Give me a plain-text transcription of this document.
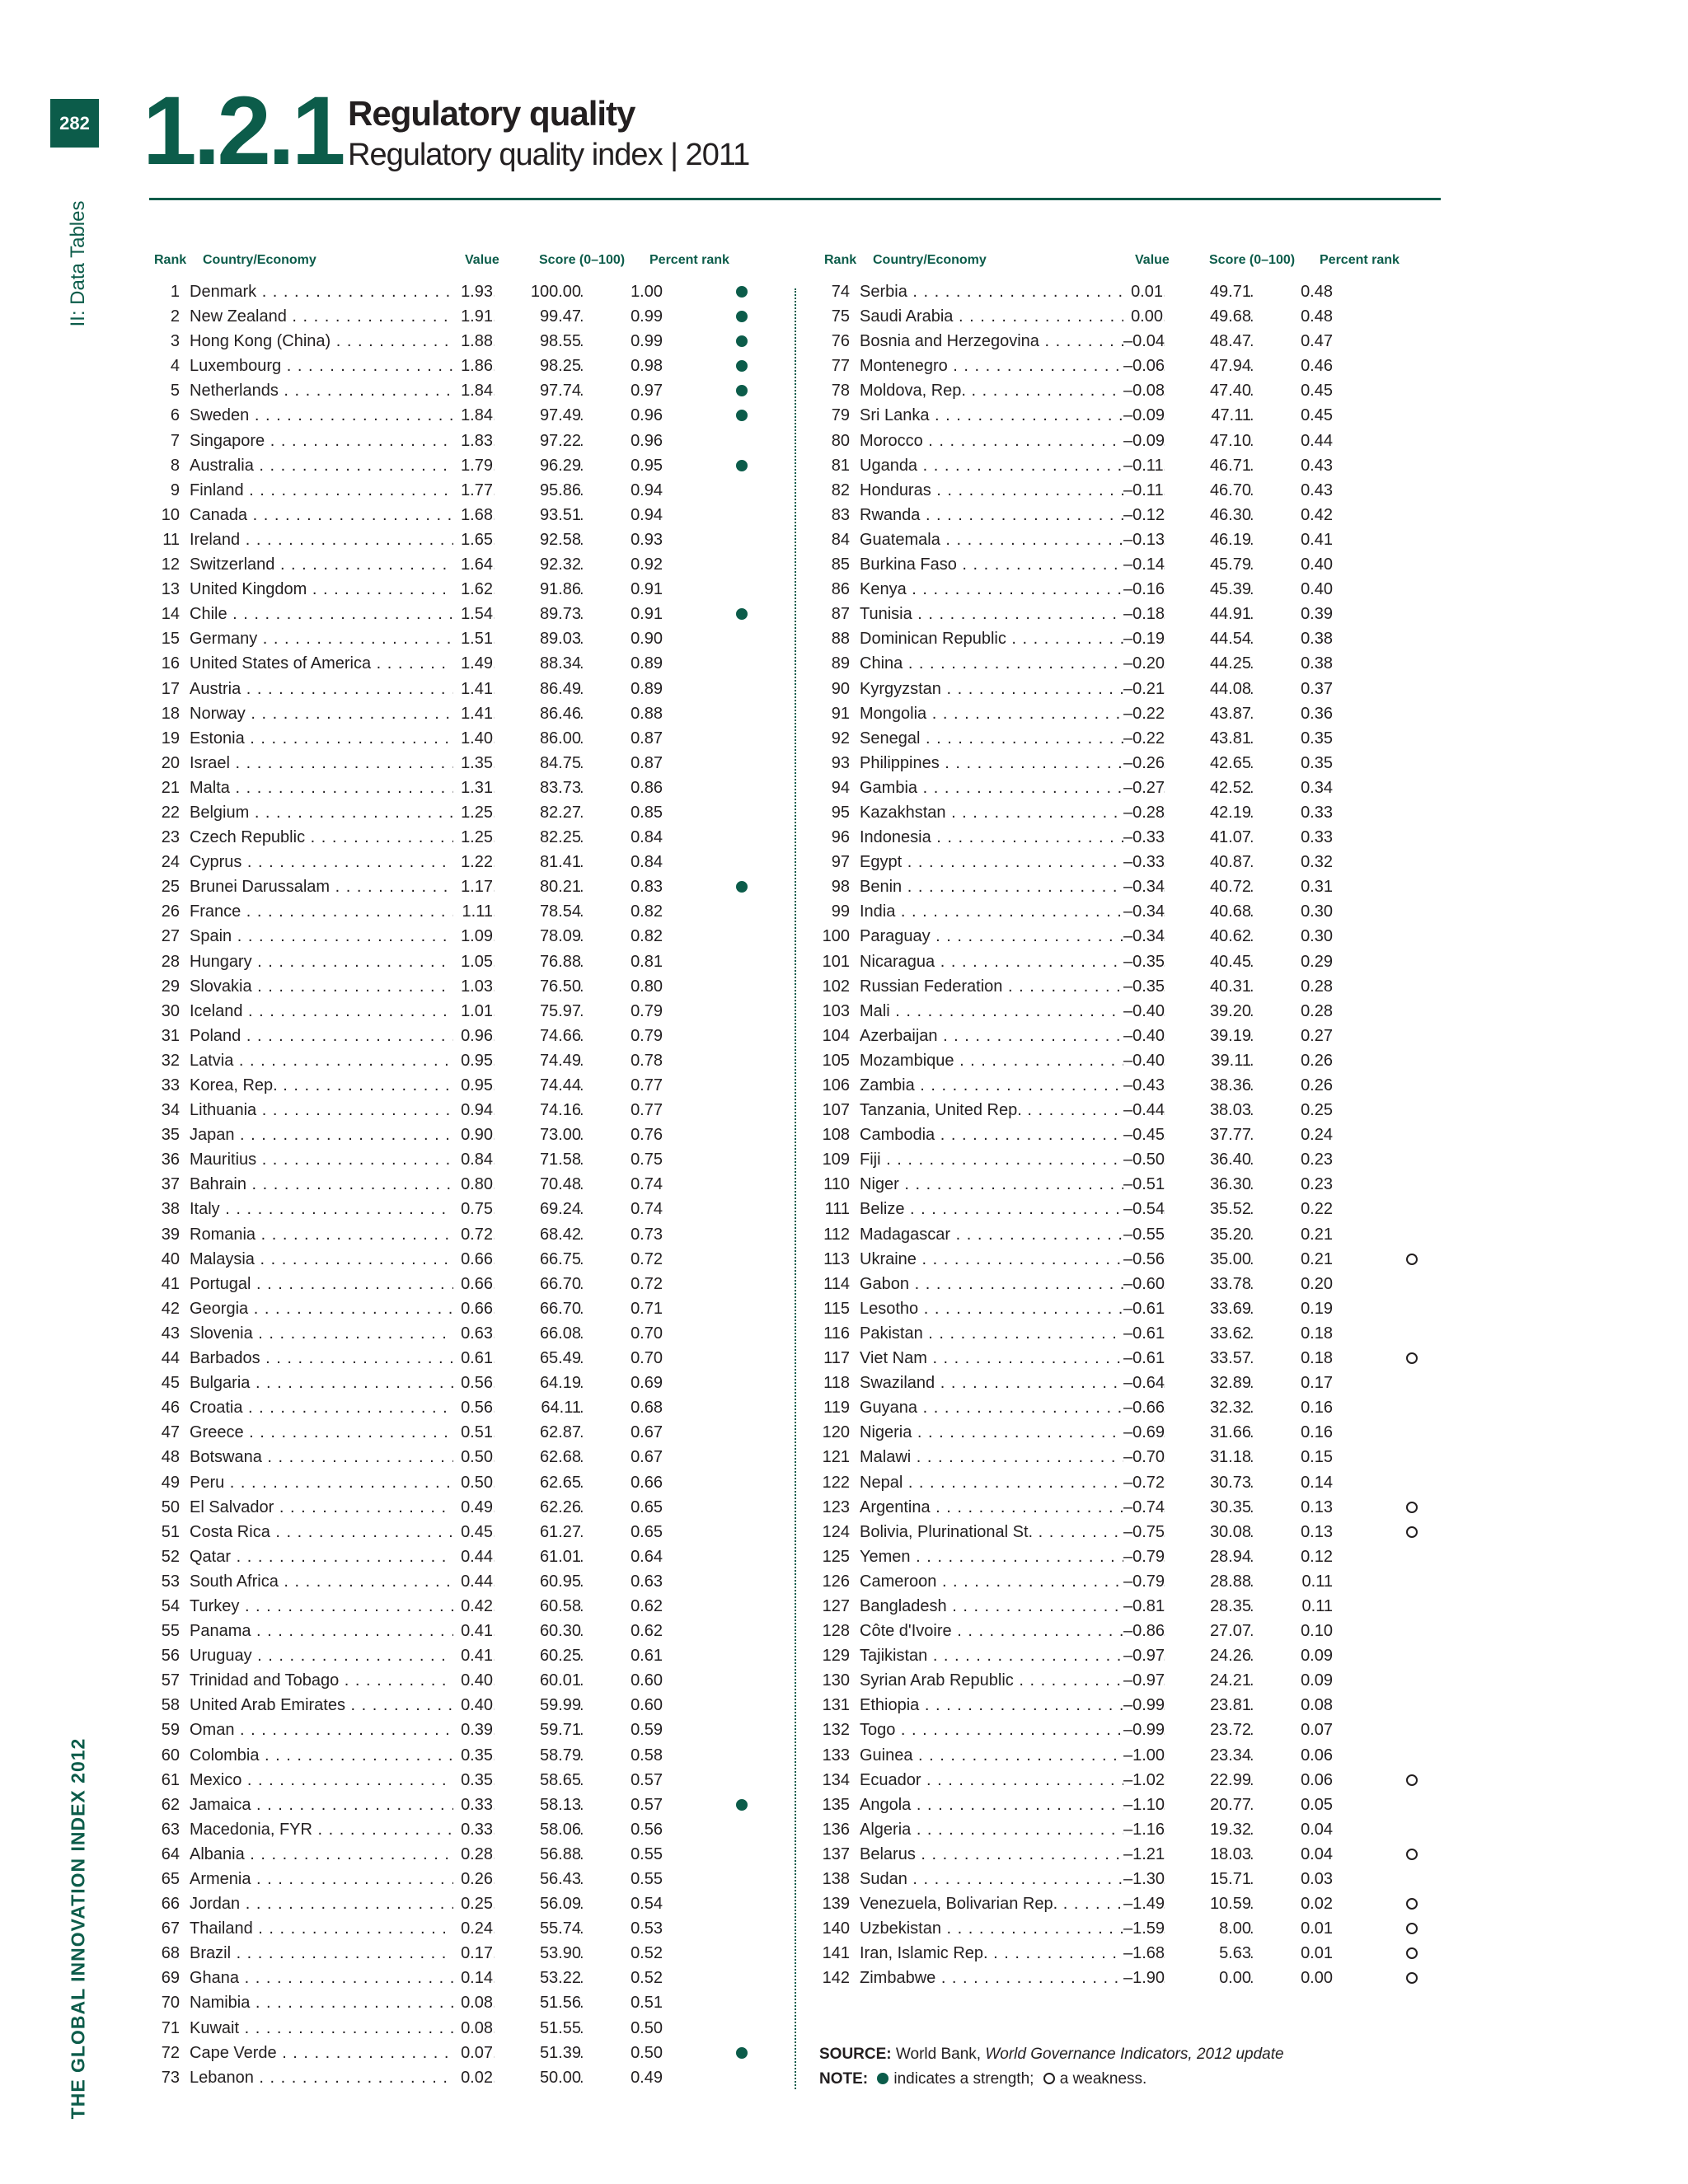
282
II: Data Tables
THE GLOBAL INNOVATION INDEX 2012
1.2.1 Regulatory quality
Regulatory quality index | 2011
Rank Country/Economy	Value	Score (0–100) Percent rank	Rank Country/Economy	Value	Score (0–100) Percent rank
1 Denmark . . . . . .	1.93	100.00	1.00
2 New Zealand . . . . . .	1.91	99.47	0.99
3 Hong Kong (China) . . . . . .	1.88	98.55	0.99
4 Luxembourg . . . . . .	1.86	98.25	0.98
5 Netherlands . . . . . .	1.84	97.74	0.97
6 Sweden . . . . . .	1.84	97.49	0.96
7 Singapore . . . . . .	1.83	97.22	0.96
8 Australia . . . . . .	1.79	96.29	0.95
9 Finland . . . . . .	1.77	95.86	0.94
10 Canada . . . . . .	1.68	93.51	0.94
11 Ireland . . . . . .	1.65	92.58	0.93
12 Switzerland . . . . . .	1.64	92.32	0.92
13 United Kingdom . . . . . .	1.62	91.86	0.91
14 Chile . . . . . .	1.54	89.73	0.91
15 Germany . . . . . .	1.51	89.03	0.90
16 United States of America . . . . . .	1.49	88.34	0.89
17 Austria . . . . . .	1.41	86.49	0.89
18 Norway . . . . . .	1.41	86.46	0.88
19 Estonia . . . . . .	1.40	86.00	0.87
20 Israel . . . . . .	1.35	84.75	0.87
21 Malta . . . . . .	1.31	83.73	0.86
22 Belgium . . . . . .	1.25	82.27	0.85
23 Czech Republic . . . . . .	1.25	82.25	0.84
24 Cyprus . . . . . .	1.22	81.41	0.84
25 Brunei Darussalam . . . . . .	1.17	80.21	0.83
26 France . . . . . .	1.11	78.54	0.82
27 Spain . . . . . .	1.09	78.09	0.82
28 Hungary . . . . . .	1.05	76.88	0.81
29 Slovakia . . . . . .	1.03	76.50	0.80
30 Iceland . . . . . .	1.01	75.97	0.79
31 Poland . . . . . .	0.96	74.66	0.79
32 Latvia . . . . . .	0.95	74.49	0.78
33 Korea, Rep. . . . . . .	0.95	74.44	0.77
34 Lithuania . . . . . .	0.94	74.16	0.77
35 Japan . . . . . .	0.90	73.00	0.76
36 Mauritius . . . . . .	0.84	71.58	0.75
37 Bahrain . . . . . .	0.80	70.48	0.74
38 Italy . . . . . .	0.75	69.24	0.74
39 Romania . . . . . .	0.72	68.42	0.73
40 Malaysia . . . . . .	0.66	66.75	0.72
41 Portugal . . . . . .	0.66	66.70	0.72
42 Georgia . . . . . .	0.66	66.70	0.71
43 Slovenia . . . . . .	0.63	66.08	0.70
44 Barbados . . . . . .	0.61	65.49	0.70
45 Bulgaria . . . . . .	0.56	64.19	0.69
46 Croatia . . . . . .	0.56	64.11	0.68
47 Greece . . . . . .	0.51	62.87	0.67
48 Botswana . . . . . .	0.50	62.68	0.67
49 Peru . . . . . .	0.50	62.65	0.66
50 El Salvador . . . . . .	0.49	62.26	0.65
51 Costa Rica . . . . . .	0.45	61.27	0.65
52 Qatar . . . . . .	0.44	61.01	0.64
53 South Africa . . . . . .	0.44	60.95	0.63
54 Turkey . . . . . .	0.42	60.58	0.62
55 Panama . . . . . .	0.41	60.30	0.62
56 Uruguay . . . . . .	0.41	60.25	0.61
57 Trinidad and Tobago . . . . . .	0.40	60.01	0.60
58 United Arab Emirates . . . . . .	0.40	59.99	0.60
59 Oman . . . . . .	0.39	59.71	0.59
60 Colombia . . . . . .	0.35	58.79	0.58
61 Mexico . . . . . .	0.35	58.65	0.57
62 Jamaica . . . . . .	0.33	58.13	0.57
63 Macedonia, FYR . . . . . .	0.33	58.06	0.56
64 Albania . . . . . .	0.28	56.88	0.55
65 Armenia . . . . . .	0.26	56.43	0.55
66 Jordan . . . . . .	0.25	56.09	0.54
67 Thailand . . . . . .	0.24	55.74	0.53
68 Brazil . . . . . .	0.17	53.90	0.52
69 Ghana . . . . . .	0.14	53.22	0.52
70 Namibia . . . . . .	0.08	51.56	0.51
71 Kuwait . . . . . .	0.08	51.55	0.50
72 Cape Verde . . . . . .	0.07	51.39	0.50
73 Lebanon . . . . . .	0.02	50.00	0.49
74 Serbia . . . . . .	0.01	49.71	0.48
75 Saudi Arabia . . . . . .	0.00	49.68	0.48
76 Bosnia and Herzegovina . . . . . .	–0.04	48.47	0.47
77 Montenegro . . . . . .	–0.06	47.94	0.46
78 Moldova, Rep. . . . . . .	–0.08	47.40	0.45
79 Sri Lanka . . . . . .	–0.09	47.11	0.45
80 Morocco . . . . . .	–0.09	47.10	0.44
81 Uganda . . . . . .	–0.11	46.71	0.43
82 Honduras . . . . . .	–0.11	46.70	0.43
83 Rwanda . . . . . .	–0.12	46.30	0.42
84 Guatemala . . . . . .	–0.13	46.19	0.41
85 Burkina Faso . . . . . .	–0.14	45.79	0.40
86 Kenya . . . . . .	–0.16	45.39	0.40
87 Tunisia . . . . . .	–0.18	44.91	0.39
88 Dominican Republic . . . . . .	–0.19	44.54	0.38
89 China . . . . . .	–0.20	44.25	0.38
90 Kyrgyzstan . . . . . .	–0.21	44.08	0.37
91 Mongolia . . . . . .	–0.22	43.87	0.36
92 Senegal . . . . . .	–0.22	43.81	0.35
93 Philippines . . . . . .	–0.26	42.65	0.35
94 Gambia . . . . . .	–0.27	42.52	0.34
95 Kazakhstan . . . . . .	–0.28	42.19	0.33
96 Indonesia . . . . . .	–0.33	41.07	0.33
97 Egypt . . . . . .	–0.33	40.87	0.32
98 Benin . . . . . .	–0.34	40.72	0.31
99 India . . . . . .	–0.34	40.68	0.30
100 Paraguay . . . . . .	–0.34	40.62	0.30
101 Nicaragua . . . . . .	–0.35	40.45	0.29
102 Russian Federation . . . . . .	–0.35	40.31	0.28
103 Mali . . . . . .	–0.40	39.20	0.28
104 Azerbaijan . . . . . .	–0.40	39.19	0.27
105 Mozambique . . . . . .	–0.40	39.11	0.26
106 Zambia . . . . . .	–0.43	38.36	0.26
107 Tanzania, United Rep. . . . . . .	–0.44	38.03	0.25
108 Cambodia . . . . . .	–0.45	37.77	0.24
109 Fiji . . . . . .	–0.50	36.40	0.23
110 Niger . . . . . .	–0.51	36.30	0.23
111 Belize . . . . . .	–0.54	35.52	0.22
112 Madagascar . . . . . .	–0.55	35.20	0.21
113 Ukraine . . . . . .	–0.56	35.00	0.21
114 Gabon . . . . . .	–0.60	33.78	0.20
115 Lesotho . . . . . .	–0.61	33.69	0.19
116 Pakistan . . . . . .	–0.61	33.62	0.18
117 Viet Nam . . . . . .	–0.61	33.57	0.18
118 Swaziland . . . . . .	–0.64	32.89	0.17
119 Guyana . . . . . .	–0.66	32.32	0.16
120 Nigeria . . . . . .	–0.69	31.66	0.16
121 Malawi . . . . . .	–0.70	31.18	0.15
122 Nepal . . . . . .	–0.72	30.73	0.14
123 Argentina . . . . . .	–0.74	30.35	0.13
124 Bolivia, Plurinational St. . . . . . .	–0.75	30.08	0.13
125 Yemen . . . . . .	–0.79	28.94	0.12
126 Cameroon . . . . . .	–0.79	28.88	0.11
127 Bangladesh . . . . . .	–0.81	28.35	0.11
128 Côte d'Ivoire . . . . . .	–0.86	27.07	0.10
129 Tajikistan . . . . . .	–0.97	24.26	0.09
130 Syrian Arab Republic . . . . . .	–0.97	24.21	0.09
131 Ethiopia . . . . . .	–0.99	23.81	0.08
132 Togo . . . . . .	–0.99	23.72	0.07
133 Guinea . . . . . .	–1.00	23.34	0.06
134 Ecuador . . . . . .	–1.02	22.99	0.06
135 Angola . . . . . .	–1.10	20.77	0.05
136 Algeria . . . . . .	–1.16	19.32	0.04
137 Belarus . . . . . .	–1.21	18.03	0.04
138 Sudan . . . . . .	–1.30	15.71	0.03
139 Venezuela, Bolivarian Rep. . . . . . .	–1.49	10.59	0.02
140 Uzbekistan . . . . . .	–1.59	8.00	0.01
141 Iran, Islamic Rep. . . . . . .	–1.68	5.63	0.01
142 Zimbabwe . . . . . .	–1.90	0.00	0.00
SOURCE: World Bank, World Governance Indicators, 2012 update
NOTE: indicates a strength; a weakness.
